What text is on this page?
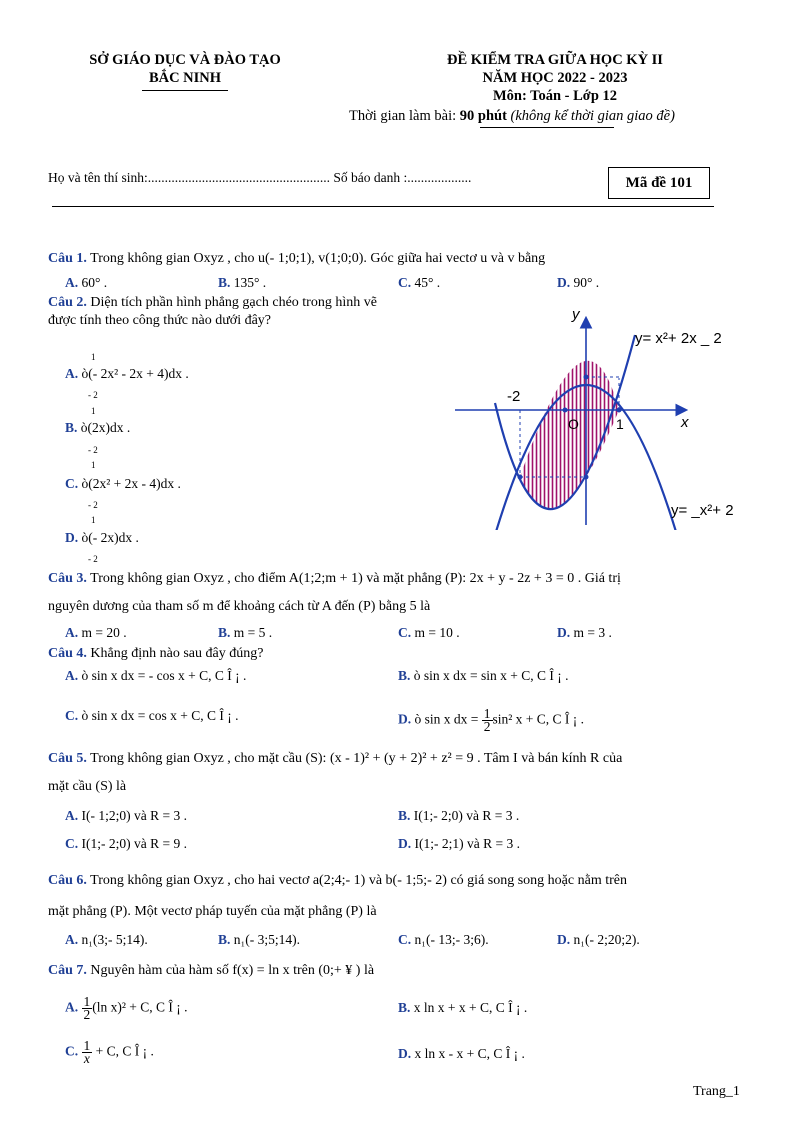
SỞ GIÁO DỤC VÀ ĐÀO TẠO
BẮC NINH
ĐỀ KIỂM TRA GIỮA HỌC KỲ II
NĂM HỌC 2022 - 2023
Môn: Toán - Lớp 12
Thời gian làm bài: 90 phút (không kể thời gian giao đề)
Họ và tên thí sinh:...................................................... Số báo danh :...................	Mã đề 101
Câu 1. Trong không gian Oxyz , cho u(- 1;0;1), v(1;0;0). Góc giữa hai vectơ u và v bằng
A. 60° .	B. 135° .	C. 45° .	D. 90° .
Câu 2. Diện tích phần hình phẳng gạch chéo trong hình vẽ
được tính theo công thức nào dưới đây?
A. ò(- 2x² - 2x + 4)dx .
1
- 2
B. ò(2x)dx .
1
- 2
C. ò(2x² + 2x - 4)dx .
1
- 2
D. ò(- 2x)dx .
1
- 2
y
x
O
-2
1
y= x²+ 2x _ 2
y= _x²+ 2
Câu 3. Trong không gian Oxyz , cho điểm A(1;2;m + 1) và mặt phẳng (P): 2x + y - 2z + 3 = 0 . Giá trị
nguyên dương của tham số m để khoảng cách từ A đến (P) bằng 5 là
A. m = 20 .	B. m = 5 .	C. m = 10 .	D. m = 3 .
Câu 4. Khẳng định nào sau đây đúng?
A. ò sin x dx = - cos x + C, C Î ¡ .	B. ò sin x dx = sin x + C, C Î ¡ .
C. ò sin x dx = cos x + C, C Î ¡ .	D. ò sin x dx = $\frac{1}{2} \sin^2$ x + C, C Î ¡ .
Câu 5. Trong không gian Oxyz , cho mặt cầu (S): (x - 1)² + (y + 2)² + z² = 9 . Tâm I và bán kính R của
mặt cầu (S) là
A. I(- 1;2;0) và R = 3 .	B. I(1;- 2;0) và R = 3 .
C. I(1;- 2;0) và R = 9 .	D. I(1;- 2;1) và R = 3 .
Câu 6. Trong không gian Oxyz , cho hai vectơ a(2;4;- 1) và b(- 1;5;- 2) có giá song song hoặc nằm trên
mặt phẳng (P). Một vectơ pháp tuyến của mặt phẳng (P) là
A. n₁(3;- 5;14).	B. n₁(- 3;5;14).	C. n₁(- 13;- 3;6).	D. n₁(- 2;20;2).
Câu 7. Nguyên hàm của hàm số f(x) = ln x trên (0;+ ¥ ) là
A. $\frac{1}{2} (\ln$ x)² + C, C Î ¡ .	B. x ln x + x + C, C Î ¡ .
C. $\frac{1}{x} + C$, C Î ¡ .	D. x ln x - x + C, C Î ¡ .
Trang_1
